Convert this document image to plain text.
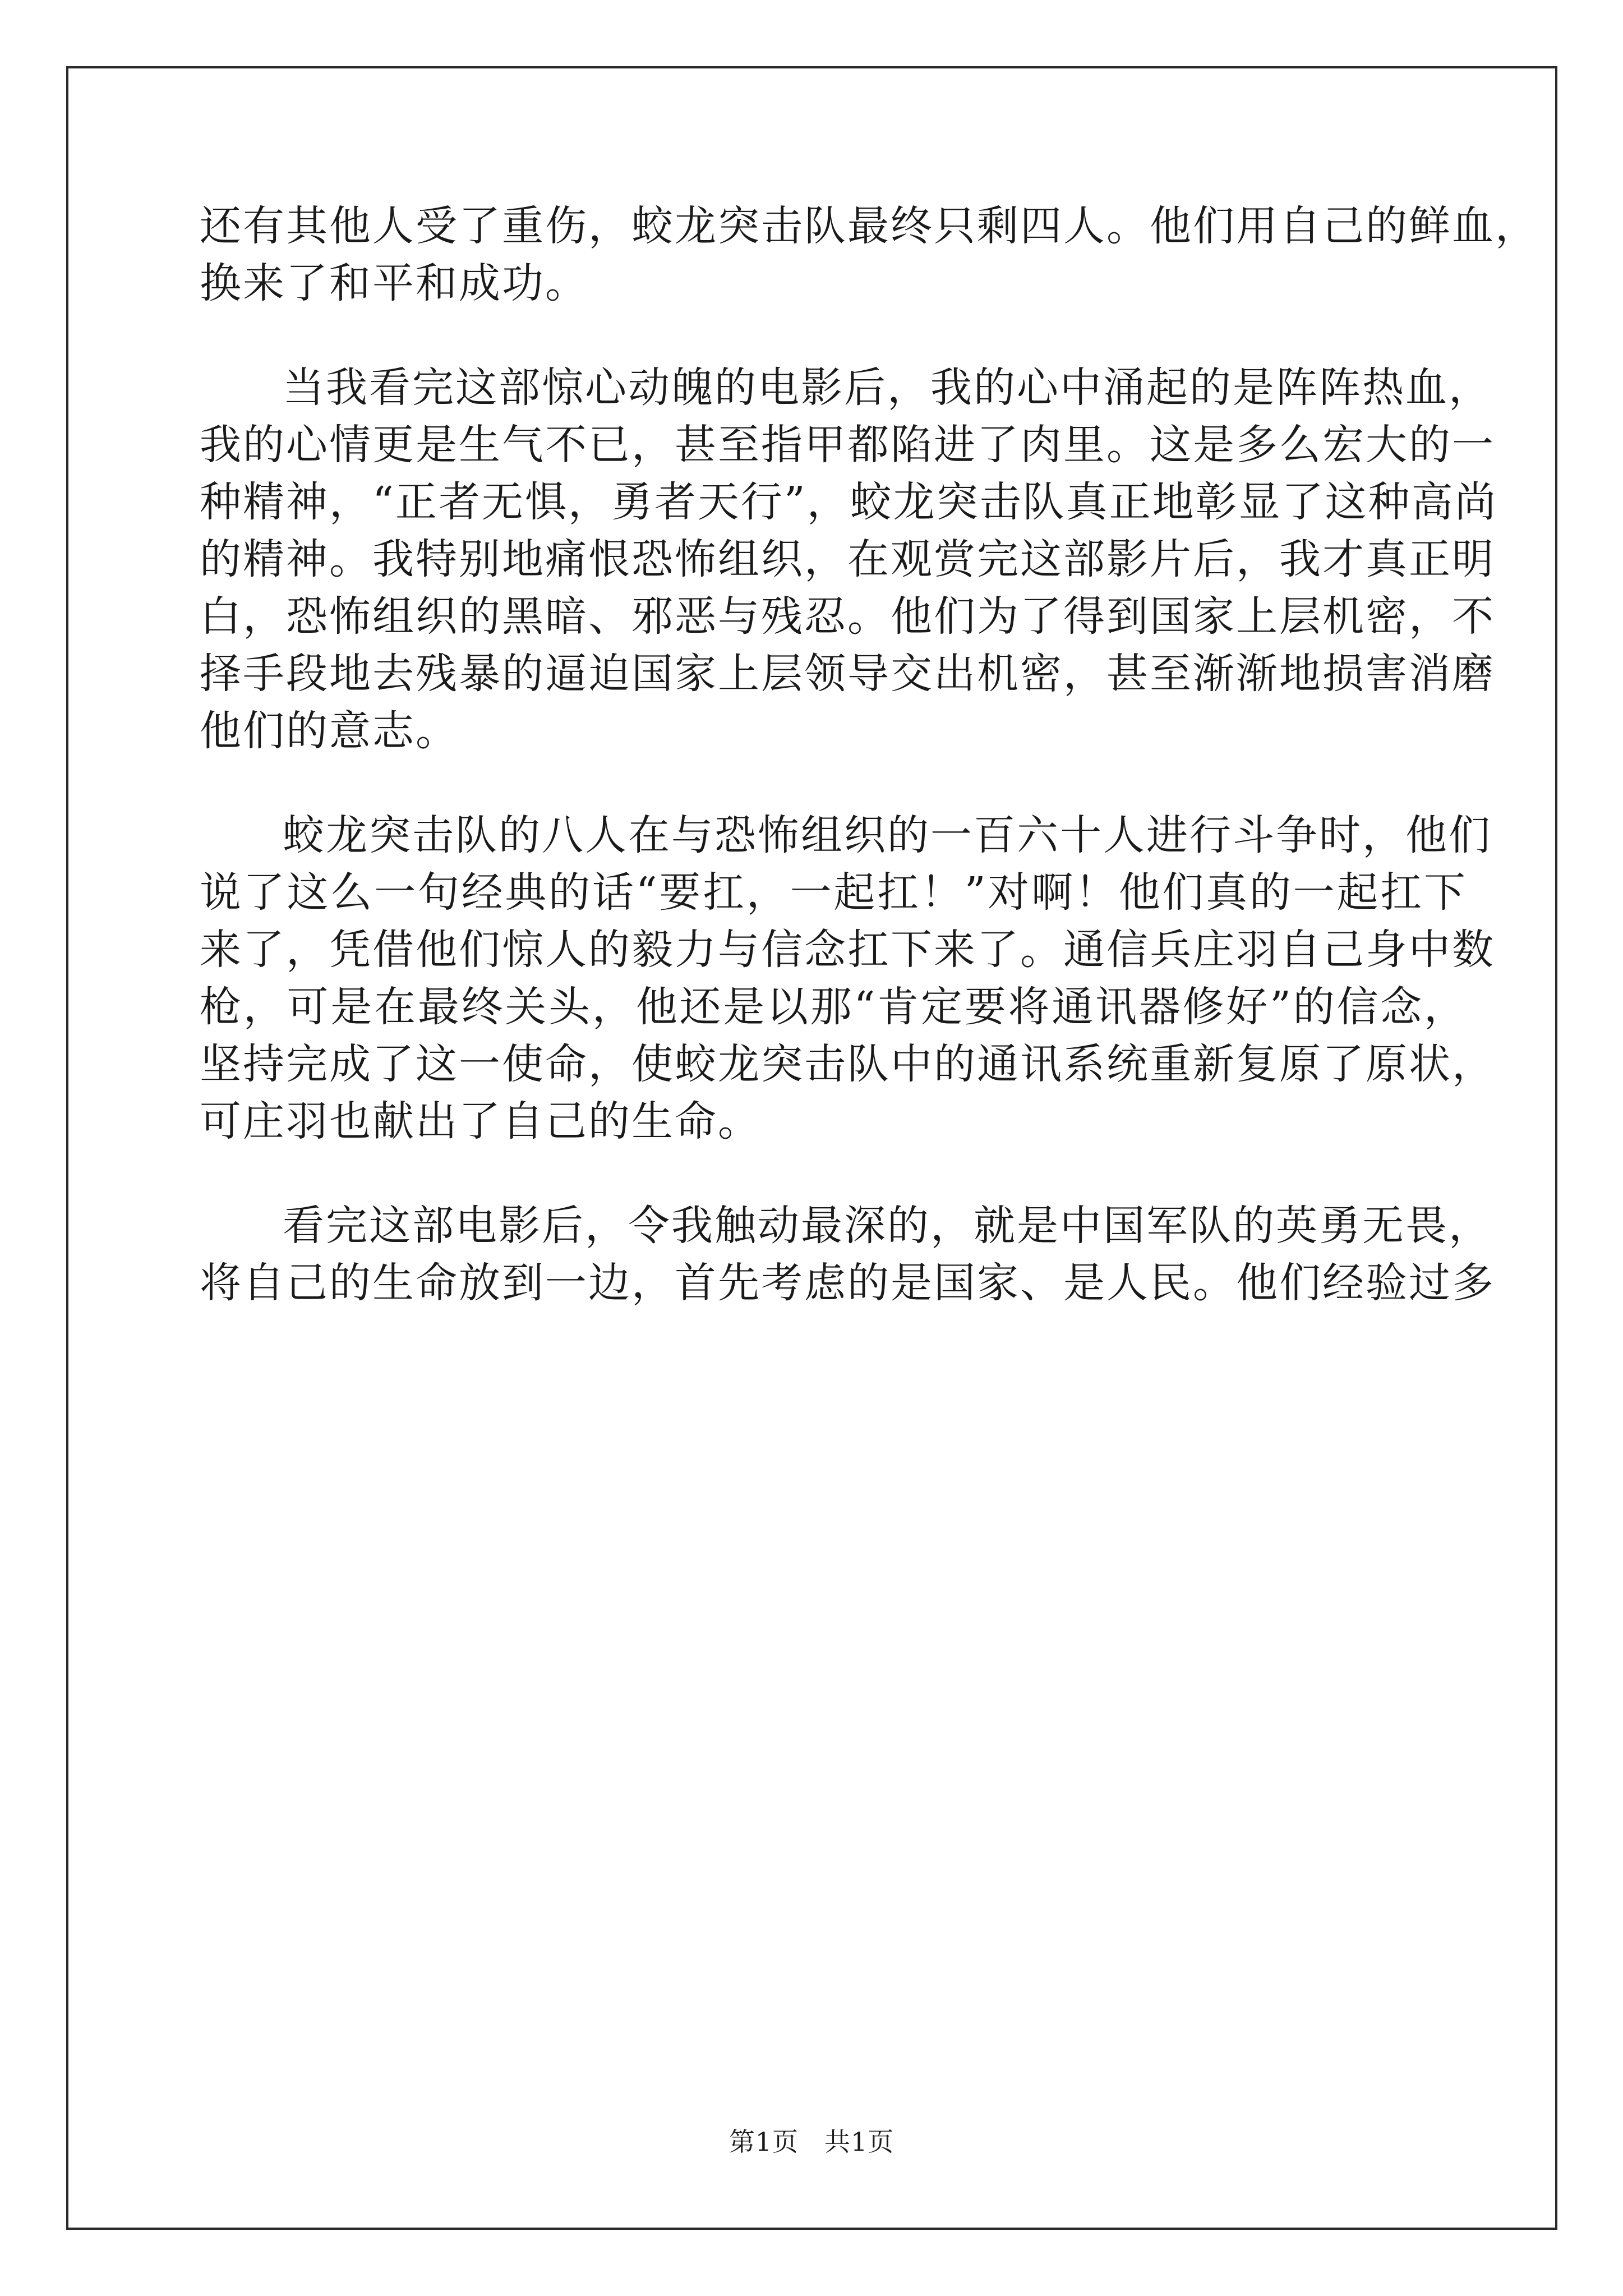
还有其他人受了重伤，蛟龙突击队最终只剩四人。他们用自己的鲜血，
换来了和平和成功。
当我看完这部惊心动魄的电影后，我的心中涌起的是阵阵热血，
我的心情更是生气不已，甚至指甲都陷进了肉里。这是多么宏大的一
种精神，“正者无惧，勇者天行”，蛟龙突击队真正地彰显了这种高尚
的精神。我特别地痛恨恐怖组织，在观赏完这部影片后，我才真正明
白，恐怖组织的黑暗、邪恶与残忍。他们为了得到国家上层机密，不
择手段地去残暴的逼迫国家上层领导交出机密，甚至渐渐地损害消磨
他们的意志。
蛟龙突击队的八人在与恐怖组织的一百六十人进行斗争时，他们
说了这么一句经典的话“要扛，一起扛！”对啊！他们真的一起扛下
来了，凭借他们惊人的毅力与信念扛下来了。通信兵庄羽自己身中数
枪，可是在最终关头，他还是以那“肯定要将通讯器修好”的信念，
坚持完成了这一使命，使蛟龙突击队中的通讯系统重新复原了原状，
可庄羽也献出了自己的生命。
看完这部电影后，令我触动最深的，就是中国军队的英勇无畏，
将自己的生命放到一边，首先考虑的是国家、是人民。他们经验过多
第1页 共1页
